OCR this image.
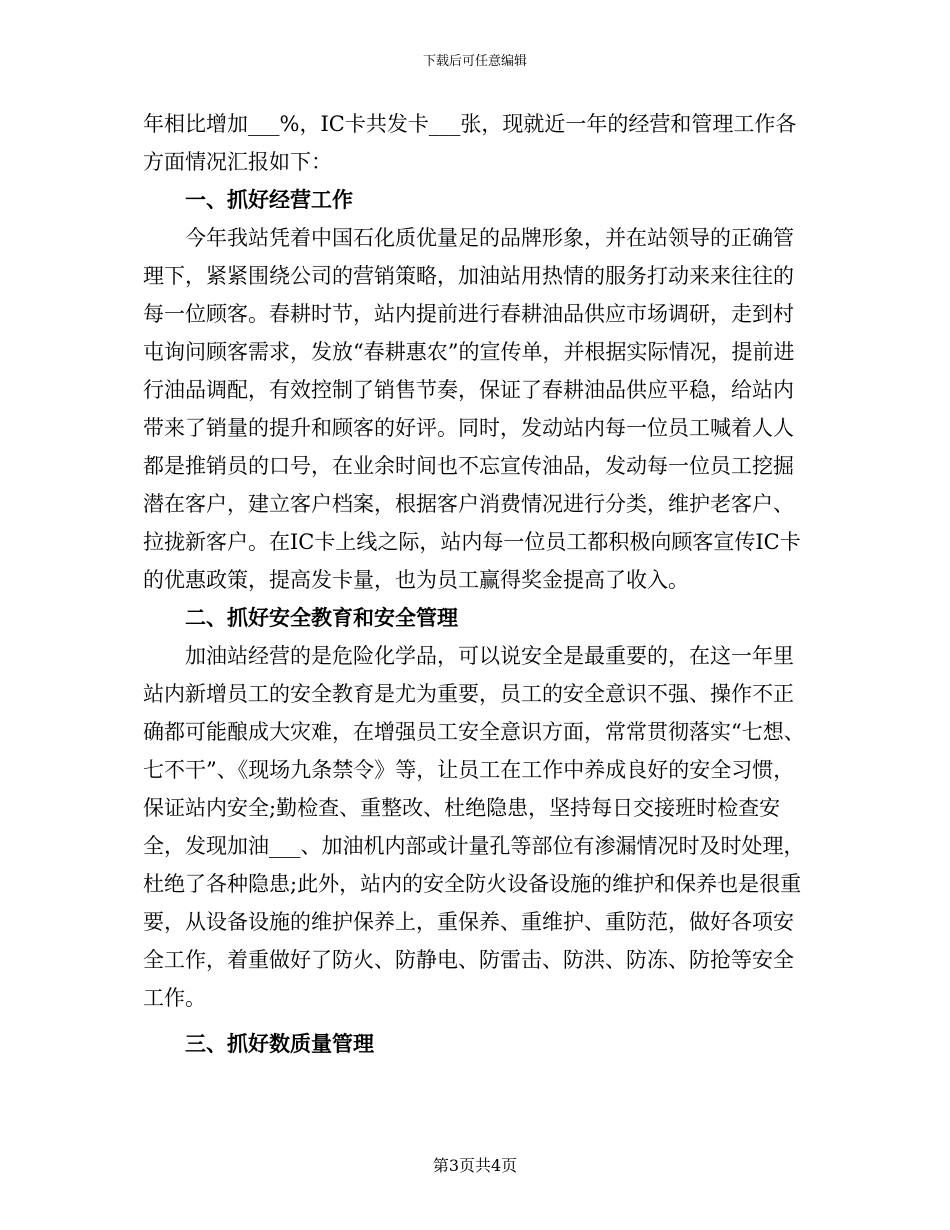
下载后可任意编辑

年相比增加___%，IC卡共发卡___张，现就近一年的经营和管理工作各方面情况汇报如下：

一、抓好经营工作

今年我站凭着中国石化质优量足的品牌形象，并在站领导的正确管理下，紧紧围绕公司的营销策略，加油站用热情的服务打动来来往往的每一位顾客。春耕时节，站内提前进行春耕油品供应市场调研，走到村屯询问顾客需求，发放“春耕惠农”的宣传单，并根据实际情况，提前进行油品调配，有效控制了销售节奏，保证了春耕油品供应平稳，给站内带来了销量的提升和顾客的好评。同时，发动站内每一位员工喊着人人都是推销员的口号，在业余时间也不忘宣传油品，发动每一位员工挖掘潜在客户，建立客户档案，根据客户消费情况进行分类，维护老客户、拉拢新客户。在IC卡上线之际，站内每一位员工都积极向顾客宣传IC卡的优惠政策，提高发卡量，也为员工赢得奖金提高了收入。

二、抓好安全教育和安全管理

加油站经营的是危险化学品，可以说安全是最重要的，在这一年里站内新增员工的安全教育是尤为重要，员工的安全意识不强、操作不正确都可能酿成大灾难，在增强员工安全意识方面，常常贯彻落实“七想、七不干”、《现场九条禁令》等，让员工在工作中养成良好的安全习惯，保证站内安全;勤检查、重整改、杜绝隐患，坚持每日交接班时检查安全，发现加油___、加油机内部或计量孔等部位有渗漏情况时及时处理，杜绝了各种隐患;此外，站内的安全防火设备设施的维护和保养也是很重要，从设备设施的维护保养上，重保养、重维护、重防范，做好各项安全工作，着重做好了防火、防静电、防雷击、防洪、防冻、防抢等安全工作。

三、抓好数质量管理

第3页共4页
